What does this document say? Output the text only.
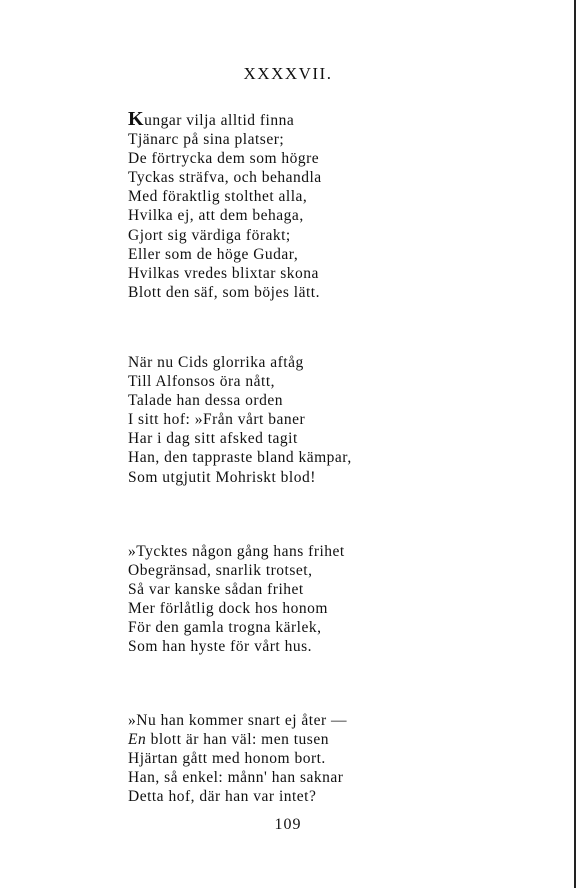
XXXXVII.
Kungar vilja alltid finna
Tjänarc på sina platser;
De förtrycka dem som högre
Tyckas sträfva, och behandla
Med föraktlig stolthet alla,
Hvilka ej, att dem behaga,
Gjort sig värdiga förakt;
Eller som de höge Gudar,
Hvilkas vredes blixtar skona
Blott den säf, som böjes lätt.
När nu Cids glorrika aftåg
Till Alfonsos öra nått,
Talade han dessa orden
I sitt hof: »Från vårt baner
Har i dag sitt afsked tagit
Han, den tappraste bland kämpar,
Som utgjutit Mohriskt blod!
»Tycktes någon gång hans frihet
Obegränsad, snarlik trotset,
Så var kanske sådan frihet
Mer förlåtlig dock hos honom
För den gamla trogna kärlek,
Som han hyste för vårt hus.
»Nu han kommer snart ej åter —
En blott är han väl: men tusen
Hjärtan gått med honom bort.
Han, så enkel: månn' han saknar
Detta hof, där han var intet?
109
